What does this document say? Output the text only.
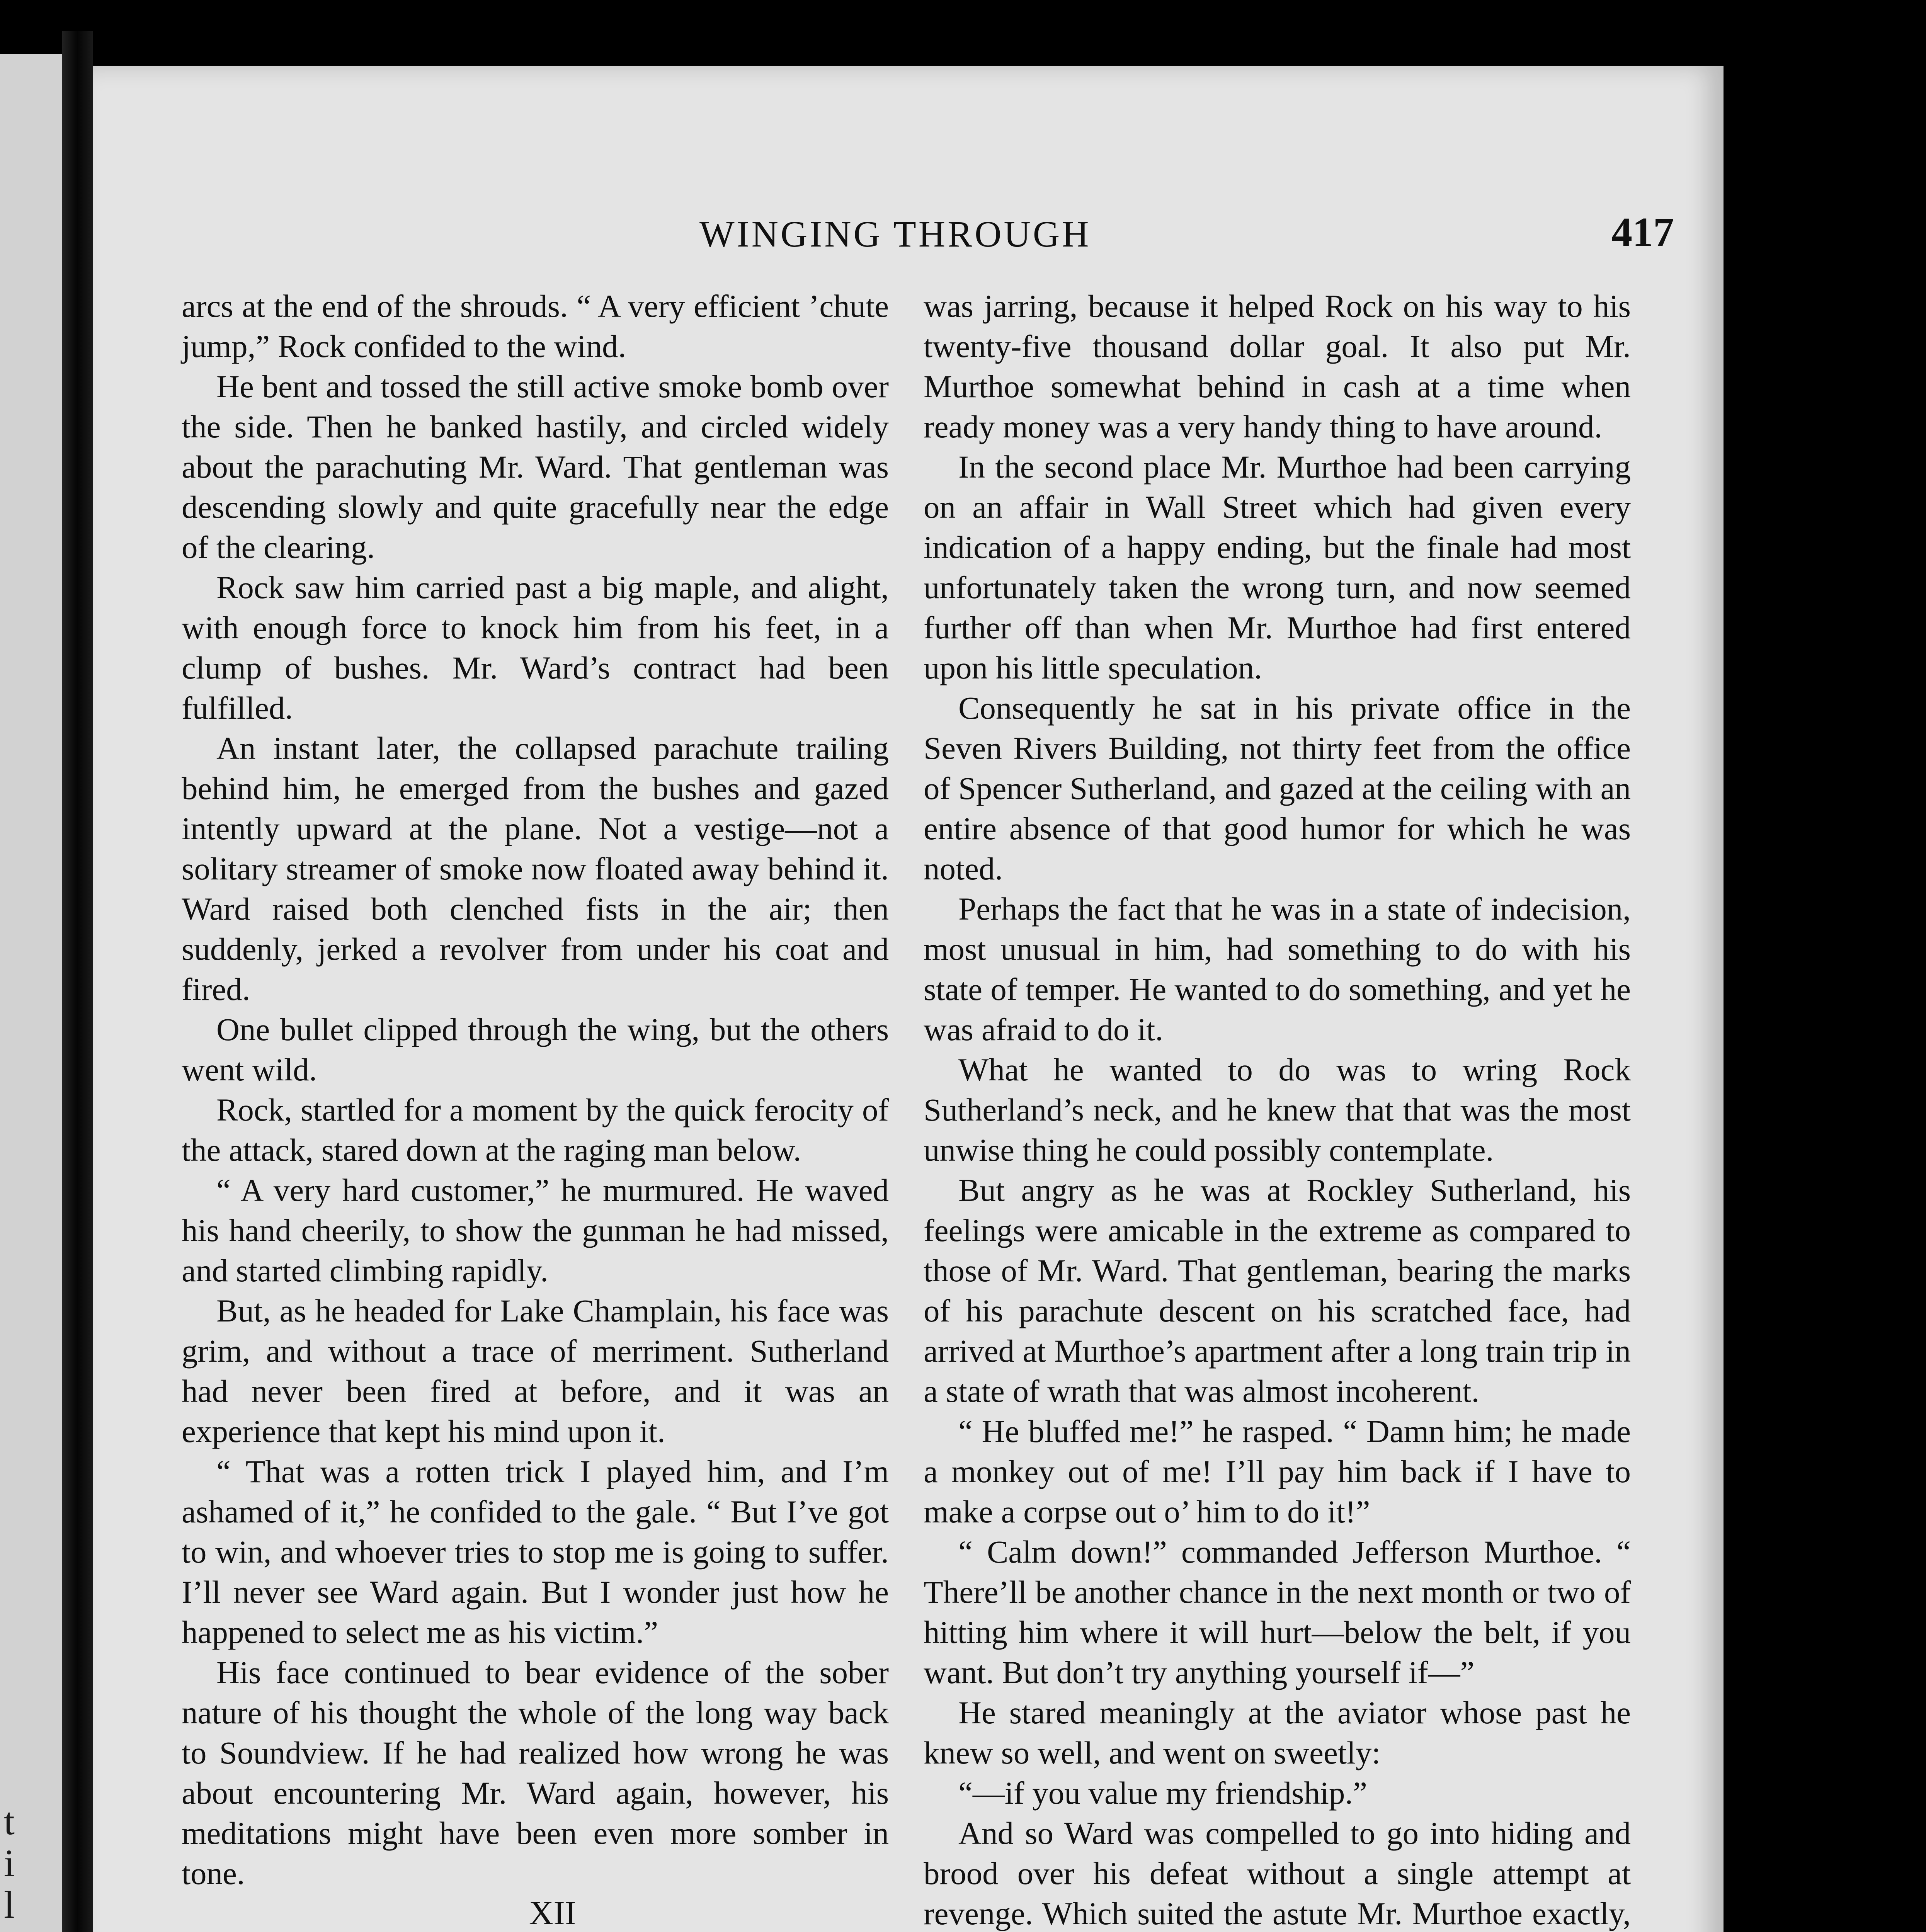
t
i
l

WINGING THROUGH	417

arcs at the end of the shrouds. “ A very efficient ’chute jump,” Rock confided to the wind.

He bent and tossed the still active smoke bomb over the side. Then he banked hastily, and circled widely about the parachuting Mr. Ward. That gentleman was descending slowly and quite gracefully near the edge of the clearing.

Rock saw him carried past a big maple, and alight, with enough force to knock him from his feet, in a clump of bushes. Mr. Ward’s contract had been fulfilled.

An instant later, the collapsed parachute trailing behind him, he emerged from the bushes and gazed intently upward at the plane. Not a vestige—not a solitary streamer of smoke now floated away behind it. Ward raised both clenched fists in the air; then suddenly, jerked a revolver from under his coat and fired.

One bullet clipped through the wing, but the others went wild.

Rock, startled for a moment by the quick ferocity of the attack, stared down at the raging man below.

“ A very hard customer,” he murmured. He waved his hand cheerily, to show the gunman he had missed, and started climbing rapidly.

But, as he headed for Lake Champlain, his face was grim, and without a trace of merriment. Sutherland had never been fired at before, and it was an experience that kept his mind upon it.

“ That was a rotten trick I played him, and I’m ashamed of it,” he confided to the gale. “ But I’ve got to win, and whoever tries to stop me is going to suffer. I’ll never see Ward again. But I wonder just how he happened to select me as his victim.”

His face continued to bear evidence of the sober nature of his thought the whole of the long way back to Soundview. If he had realized how wrong he was about encountering Mr. Ward again, however, his meditations might have been even more somber in tone.

XII

was jarring, because it helped Rock on his way to his twenty-five thousand dollar goal. It also put Mr. Murthoe somewhat behind in cash at a time when ready money was a very handy thing to have around.

In the second place Mr. Murthoe had been carrying on an affair in Wall Street which had given every indication of a happy ending, but the finale had most unfortunately taken the wrong turn, and now seemed further off than when Mr. Murthoe had first entered upon his little speculation.

Consequently he sat in his private office in the Seven Rivers Building, not thirty feet from the office of Spencer Sutherland, and gazed at the ceiling with an entire absence of that good humor for which he was noted.

Perhaps the fact that he was in a state of indecision, most unusual in him, had something to do with his state of temper. He wanted to do something, and yet he was afraid to do it.

What he wanted to do was to wring Rock Sutherland’s neck, and he knew that that was the most unwise thing he could possibly contemplate.

But angry as he was at Rockley Sutherland, his feelings were amicable in the extreme as compared to those of Mr. Ward. That gentleman, bearing the marks of his parachute descent on his scratched face, had arrived at Murthoe’s apartment after a long train trip in a state of wrath that was almost incoherent.

“ He bluffed me!” he rasped. “ Damn him; he made a monkey out of me! I’ll pay him back if I have to make a corpse out o’ him to do it!”

“ Calm down!” commanded Jefferson Murthoe. “ There’ll be another chance in the next month or two of hitting him where it will hurt—below the belt, if you want. But don’t try anything yourself if—”

He stared meaningly at the aviator whose past he knew so well, and went on sweetly:

“—if you value my friendship.”

And so Ward was compelled to go into hiding and brood over his defeat without a single attempt at revenge. Which suited the astute Mr. Murthoe exactly,
